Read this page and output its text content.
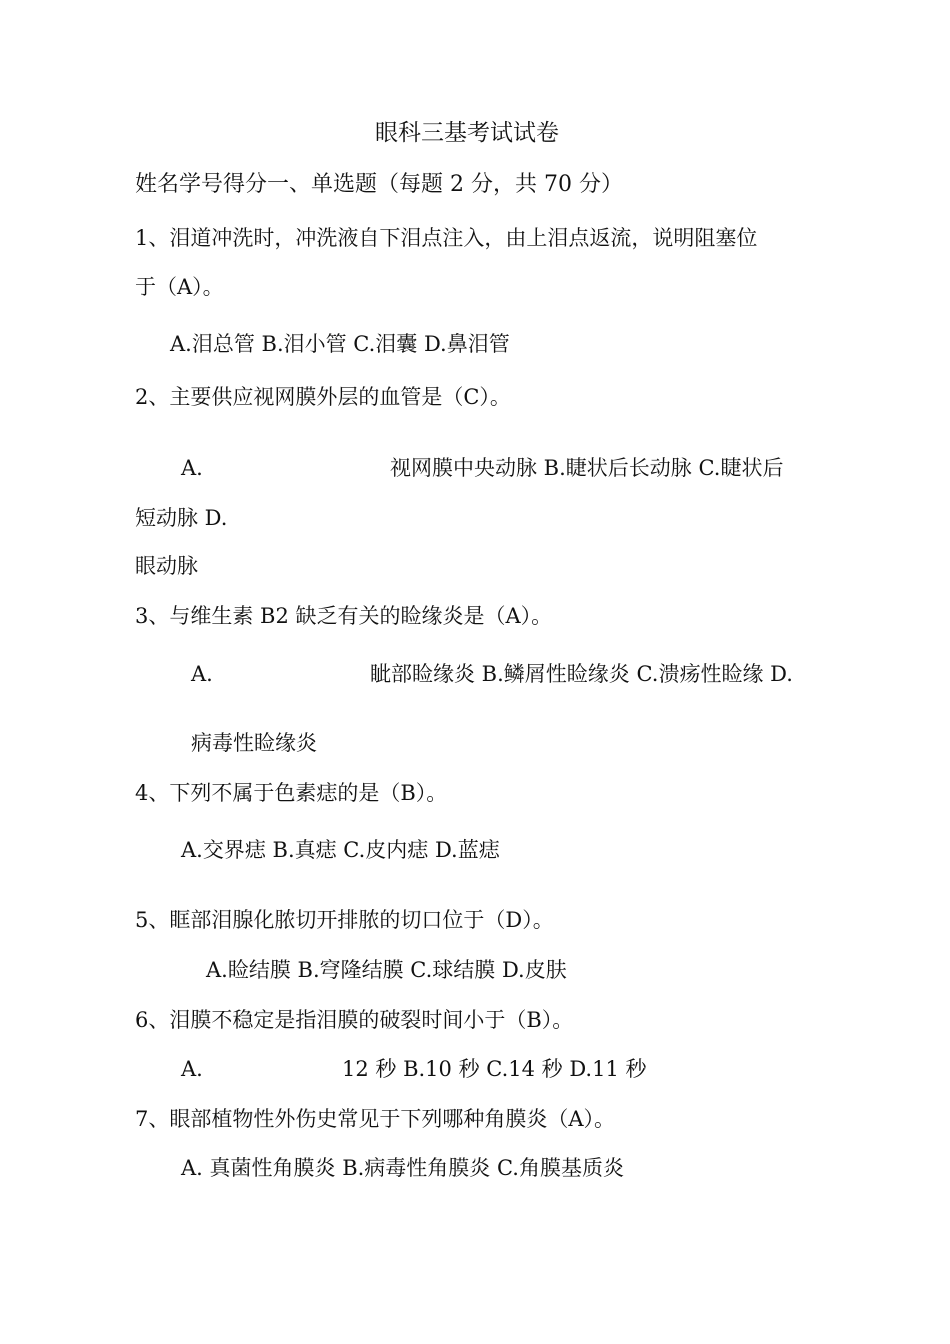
眼科三基考试试卷
姓名学号得分一、单选题（每题 2 分，共 70 分）
1、泪道冲洗时，冲洗液自下泪点注入，由上泪点返流，说明阻塞位
于（A）。
A.泪总管 B.泪小管 C.泪囊 D.鼻泪管
2、主要供应视网膜外层的血管是（C）。
A.	视网膜中央动脉 B.睫状后长动脉 C.睫状后
短动脉 D.
眼动脉
3、与维生素 B2 缺乏有关的睑缘炎是（A）。
A.	眦部睑缘炎 B.鳞屑性睑缘炎 C.溃疡性睑缘 D.
病毒性睑缘炎
4、下列不属于色素痣的是（B）。
A.交界痣 B.真痣 C.皮内痣 D.蓝痣
5、眶部泪腺化脓切开排脓的切口位于（D）。
A.睑结膜 B.穹隆结膜 C.球结膜 D.皮肤
6、泪膜不稳定是指泪膜的破裂时间小于（B）。
A.	12 秒 B.10 秒 C.14 秒 D.11 秒
7、眼部植物性外伤史常见于下列哪种角膜炎（A）。
A. 真菌性角膜炎 B.病毒性角膜炎 C.角膜基质炎
